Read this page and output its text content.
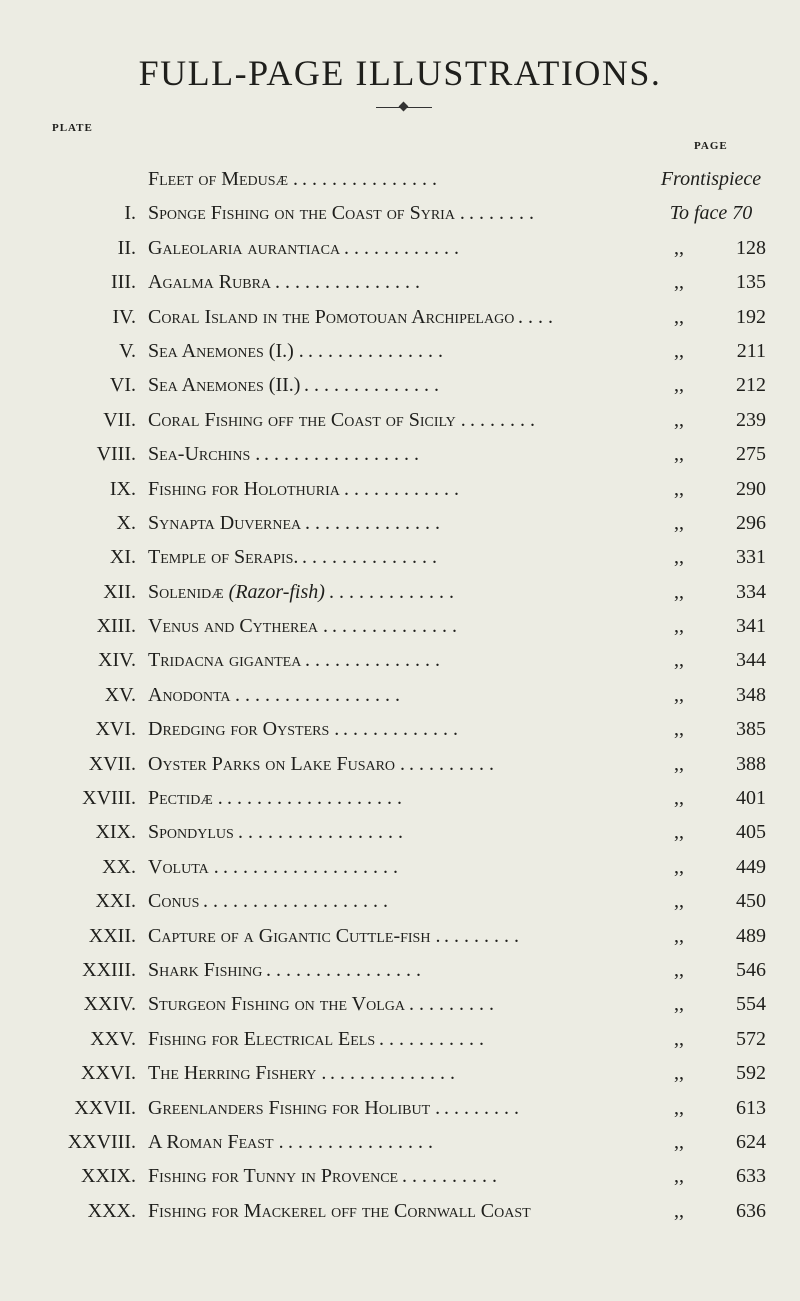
FULL-PAGE ILLUSTRATIONS.
PLATE
PAGE
Fleet of Medusæ .	Frontispiece
. . . . . . . . . . . . . .
I. Sponge Fishing on the Coast of Syria .	To face 70
. . . . . . .
II. Galeolaria aurantiaca	,,	128
. . . . . . . . . . . .
III. Agalma Rubra	,,	135
. . . . . . . . . . . . . . .
IV. Coral Island in the Pomotouan Archipelago	,,	192
. . . .
V. Sea Anemones (I.) .	,,	211
. . . . . . . . . . . . . .
VI. Sea Anemones (II.)	,,	212
. . . . . . . . . . . . . .
VII. Coral Fishing off the Coast of Sicily .	,,	239
. . . . . . .
VIII. Sea-Urchins .	,,	275
. . . . . . . . . . . . . . . .
IX. Fishing for Holothuria	,,	290
. . . . . . . . . . . .
X. Synapta Duvernea	,,	296
. . . . . . . . . . . . . .
XI. Temple of Serapis.	,,	331
. . . . . . . . . . . . . .
XII. Solenidæ (Razor-fish)	,,	334
. . . . . . . . . . . . .
XIII. Venus and Cytherea .	,,	341
. . . . . . . . . . . . .
XIV. Tridacna gigantea	,,	344
. . . . . . . . . . . . . .
XV. Anodonta	,,	348
. . . . . . . . . . . . . . . . .
XVI. Dredging for Oysters .	,,	385
. . . . . . . . . . . .
XVII. Oyster Parks on Lake Fusaro .	,,	388
. . . . . . . . .
XVIII. Pectidæ .	,,	401
. . . . . . . . . . . . . . . . . .
XIX. Spondylus	,,	405
. . . . . . . . . . . . . . . . .
XX. Voluta .	,,	449
. . . . . . . . . . . . . . . . . .
XXI. Conus	,,	450
. . . . . . . . . . . . . . . . . . .
XXII. Capture of a Gigantic Cuttle-fish .	,,	489
. . . . . . . .
XXIII. Shark Fishing	,,	546
. . . . . . . . . . . . . . . .
XXIV. Sturgeon Fishing on the Volga	,,	554
. . . . . . . . .
XXV. Fishing for Electrical Eels	,,	572
. . . . . . . . . . .
XXVI. The Herring Fishery .	,,	592
. . . . . . . . . . . . .
XXVII. Greenlanders Fishing for Holibut .	,,	613
. . . . . . . .
XXVIII. A Roman Feast .	,,	624
. . . . . . . . . . . . . . .
XXIX. Fishing for Tunny in Provence	,,	633
. . . . . . . . . .
XXX. Fishing for Mackerel off the Cornwall Coast	,,	636
